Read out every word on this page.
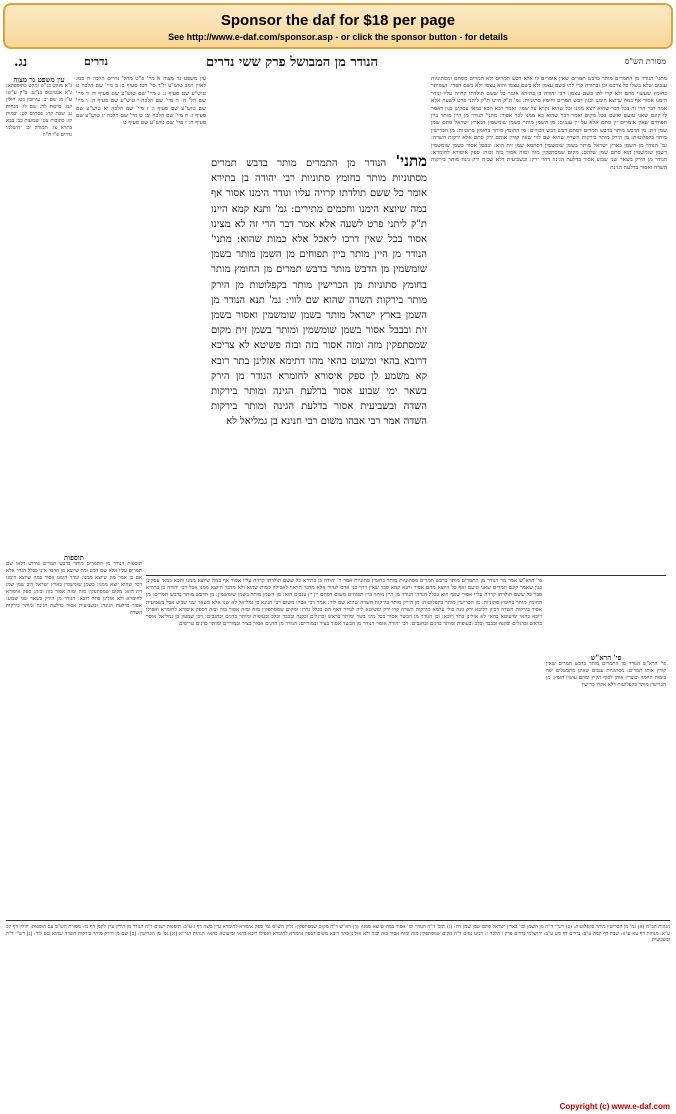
Sponsor the daf for $18 per page
See http://www.e-daf.com/sponsor.asp - or click the sponsor button - for details
נג.	נדרים	הנודר מן המבושל פרק ששי נדרים	מסורת הש"ס
עין משפט נר מצוה
נ"א מנקט בנ"ש ומקט בתוספתא: ג"א אנטיגנוס בנ"ש: ב"ק ע"ש: ע"ז מ: שם יב: עירובין כט: חולין קמ: ברכות לה: שם לו: מנחות ע: שבת קח: פסחים לט: יבמות קו: כתובות צט: שבועות כב: בבא בתרא צו: תמורה יב: ירושלמי נדרים פ"ו ה"ה
עין משפט נר מצוה א מיי' פ"ט מהל' נדרים הלכה ח סמג לאוין רמב טוש"ע יו"ד סי' רטז סעיף ב: ב מיי' שם הלכה ט טוש"ע שם סעיף ג: ג מיי' שם טוש"ע שם סעיף ד: ד מיי' שם הל' ח: ה מיי' שם הלכה י טוש"ע שם סעיף ה: ו מיי' שם טוש"ע שם סעיף ו: ז מיי' שם הלכה יא טוש"ע שם סעיף ז: ח מיי' שם הלכה יב: ט מיי' שם הלכה יג טוש"ע שם סעיף ח: י מיי' שם טוש"ע שם סעיף ט
מתני' הנודר מן התמרים מותר בדבש תמרים מסתוניות מותר בחומץ סתוניות רבי יהודה בן בתירא אומר כל ששם תולדתו קרויה עליו ונודר הימנו אסור אף במה שיוצא הימנו וחכמים מתירים: גמ' ותנא קמא היינו ת"ק ליתני פרט לשעה אלא אמר דבר הרי זה לא מצינו אסור בכל שאין דרכו ליאכל אלא כמות שהוא: מתני' הנודר מן היין מותר ביין תפוחים מן השמן מותר בשמן שומשמין מן הדבש מותר בדבש תמרים מן החומץ מותר בחומץ סתוניות מן הכרישין מותר בקפלוטות מן הירק מותר בירקות השדה שהוא שם לווי: גמ' תנא הנודר מן השמן בארץ ישראל מותר בשמן שומשמין ואסור בשמן זית ובבבל אסור בשמן שומשמין ומותר בשמן זית מקום שמסתפקין מזה ומזה אסור בזה ובזה פשיטא לא צריכא דרובא בהאי ומיעוט בהאי מהו דתימא אזלינן בתר רובא קא משמע לן ספק איסורא לחומרא הנודר מן הירק בשאר ימי שבוע אסור בדלעת הגינה ומותר בירקות השדה ובשביעית אסור בדלעת הגינה ומותר בירקות השדה אמר רבי אבהו משום רבי חנינא בן גמליאל לא
מתני' הנודר מן התמרים מותר בדבש תמרים שאין אומרים לו אלא דבש תמרים ולא תמרים מסתם ומסתוניות ענבים שלא בשלו כל צרכם וכן ובתורה קרי להו בשם עצמן ולא בשם עצמו והוא עצמו ולא בשם הפרי: ושמותר בחומץ שעשוי מהם ולא קרי להו בשם עצמן: רבי יהודה בן בתירא אומר כל ששם תולדתו קרויה עליו ונודר הימנו אסור אף במה שיוצא הימנו וכגון דבש תמרים וחומץ סתוניות: גמ' ת"ק היינו ת"ק ליתני פרט לשעה אלא אמר דבר הרי זה בכל דבר שהוא יוצא ממנו וכל שהוא נקרא על שמו: ואמר רבא הכא במאי עסקינן כגון דאמר לו קונם שאני טועם ואשם בכל מקום ואמר דבר שהוא בא ממנו לכך אסור: מתני' הנודר מן היין מותר ביין תפוחים שאין אומרים יין סתם אלא על יין ענבים: מן השמן מותר בשמן שומשמין דבארץ ישראל סתם שמן שמן זית: מן הדבש מותר בדבש תמרים דסתם דבש דבש דבורים: מן החומץ מותר בחומץ סתוניות: מן הכרישין מותר בקפלוטות: מן הירק מותר בירקות השדה שהוא שם לווי שאין קורין אותם ירק סתם אלא ירקות השדה: גמ' הנודר מן השמן בארץ ישראל מותר בשמן שומשמין דסתמא שמן זית הוא: ובבבל אסור בשמן שומשמין דשמן שומשמין הוא סתם שמן שלהם: מקום שמסתפקין מזה ומזה אסור בזה ובזה: ספק איסורא לחומרא: הנודר מן הירק בשאר שני שבוע אסור בדלעת הגינה דהוי ירק: ובשביעית דלא שכיח ירק גינה מותר בירקות השדה ואסור בדלעת הגינה
תוספות
תוספות הנודר מן התמרים מותר בדבש תמרים פירוש דלאו שם תמרים עליו אלא שם דבש ומה שיוצא מן הדבר אינו בכלל הנדר אלא אם כן אמר מה שיוצא ממנו: ונודר הימנו אסור במה שיוצא הימנו דבר שהוא יוצא ממנו: בשמן שומשמין בארץ ישראל רוב שמן שמן זית הוא: מקום שמסתפקין מזה ומזה אסור בזה ובזה: ספק איסורא לחומרא ולא אזלינן בתר רובא: הנודר מן הירק בשאר שני שבוע: אסור בדלעת הגינה: ובשביעית אסור בדלעת הגינה ומותר בירקות השדה
פי' הרא"ש אמר מר הנודר מן התמרים מותר בדבש תמרים מסתוניות מותר בחומץ סתוניות אמר ר' יהודה בן בתירא כל ששם תולדתו קרויה עליו אסור אף במה שיוצא ממנו והכא במאי עסקינן כגון שאמר קונם תמרים שאני טועם ואף כל היוצא מהם אסור ותנא קמא סבר שאין דרך בני אדם לנדור אלא מדבר הראוי לאכילה כמות שהוא ולא מדבר היוצא ממנו אבל רבי יהודה בן בתירא סבר כל ששם תולדתו קרויה עליו אסור שאף הוא בכלל הנדר: הנודר מן היין מותר ביין תפוחים משום דסתם יין יין ענבים הוא: מן השמן מותר בשמן שומשמין: מן הדבש מותר בדבש תמרים: מן החומץ מותר בחומץ סתוניות: מן הכרישין מותר בקפלוטות: מן הירק מותר בירקות השדה שהוא שם לווי: אמר רבי אבהו משום רבי חנינא בן גמליאל לא שנו אלא בשאר שני שבוע אבל בשביעית אסור בירקות השדה דכיון דליכא ירק גינה כולי עלמא מירקות השדה קרו ירק ופשיטא ליה לנודר דאף הם בכלל נדרו: ומקום שמסתפקין מזה ומזה אסור בזה ובזה דספק איסורא לחומרא ואפילו רובא בהאי ומיעוטא בהאי לא אזלינן בתר רובא: וכן הנודר מן הבשר אסור בכל מיני בשר ומותר בראש וברגלים ובקנה ובכבד ובלב ובעופות ומותר בדגים ובחגבים: רבן שמעון בן גמליאל אוסר בראש וברגלים ובקנה ובכבד ובלב ובעופות ומותר בדגים ובחגבים: רבי יהודה אומר הנודר מן הבשר אסור בציר ובמוריים: הנודר מן הדגים אסור בציר ובמוריים ומותר בדגים טריפים
פי' הרא"ש
פי' הרא"ש הנודר מן התמרים מותר בדבש תמרים שאין קורין אותו תמרים: מסתוניות ענבים שאינן מתבשלים יפה בימות החמה ובוצרין אותן לסוף הקיץ ומהם עושין חומץ: מן הכרישין מותר בקפלוטות דלא אקרו כרישין
הגהות הב"ח (א) גמ' מן הכרישין מותר בקפלוטות: (ב) רש"י ד"ה מן השמן וכו' בארץ ישראל סתם שמן שמן זית: (ג) תוס' ד"ה הנודר וכו' אסור במה שיוצא ממנו: (ד) רא"ש ד"ה מקום שמסתפקין: גליון הש"ס גמ' ספק איסורא לחומרא עיין ביצה דף ג ע"ב: תוספות ישנים ד"ה הנודר מן הירק עיין לקמן דף נד: מסורת הש"ס עם הוספות: חולין דף קכ ע"א: מנחות דף עא ע"א: שבת דף קמה ע"ב: נדרים דף מט ע"ב: ירושלמי נדרים פרק ו הלכה ו: רבינו נסים ד"ה מקום שמסתפקין מזה ומזה אסור בזה ובזה ולא אזלינן בתר רובא משום דספק איסורא לחומרא ואפילו רובא בהאי ומיעוטא בהאי: הגהות הגר"א [א] גמ' מן הכרישין: [ב] שם מן הירק מותר בירקות השדה שהוא שם לווי: [ג] רש"י ד"ה ובשביעית
Copyright (c) www.e-daf.com
